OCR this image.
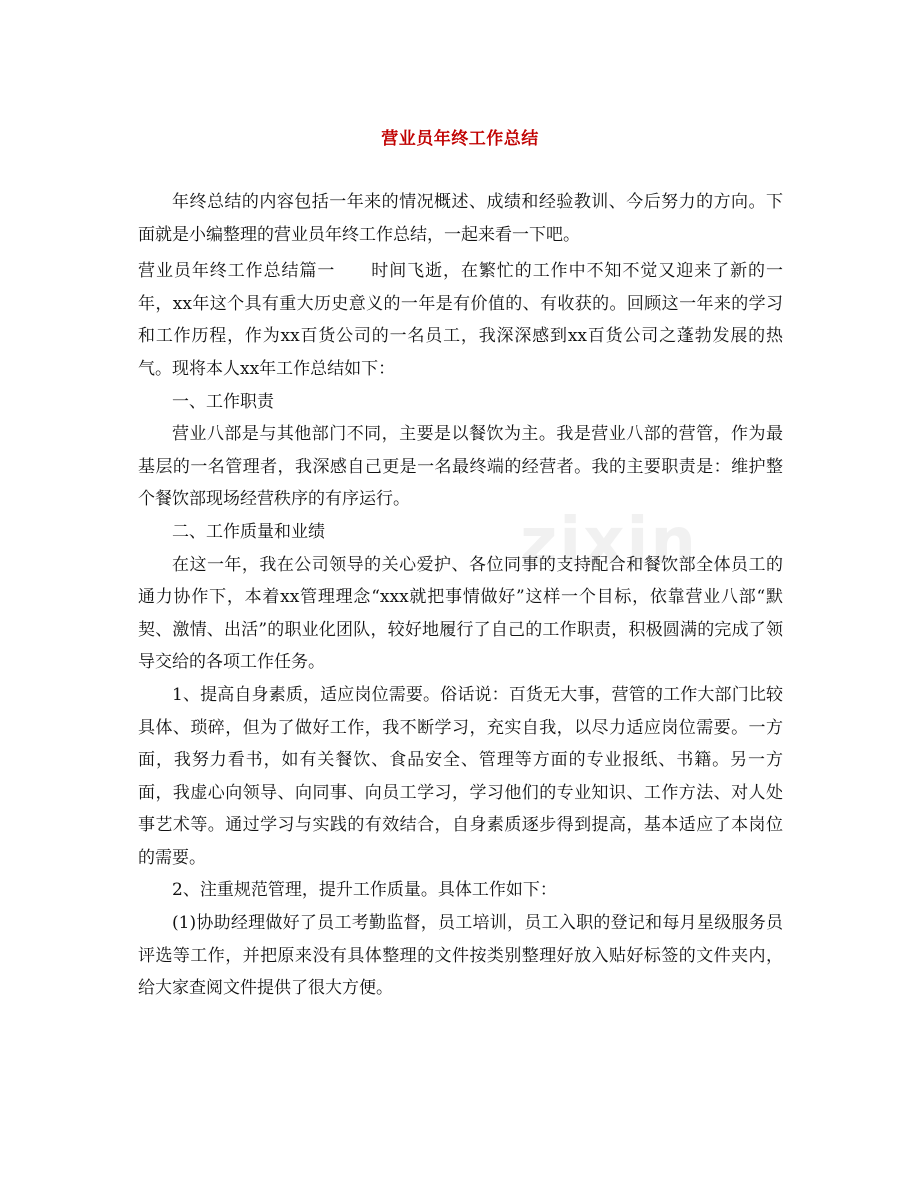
营业员年终工作总结
zixin

年终总结的内容包括一年来的情况概述、成绩和经验教训、今后努力的方向。下面就是小编整理的营业员年终工作总结，一起来看一下吧。

营业员年终工作总结篇一　　时间飞逝，在繁忙的工作中不知不觉又迎来了新的一年，xx年这个具有重大历史意义的一年是有价值的、有收获的。回顾这一年来的学习和工作历程，作为xx百货公司的一名员工，我深深感到xx百货公司之蓬勃发展的热气。现将本人xx年工作总结如下：

一、工作职责

营业八部是与其他部门不同，主要是以餐饮为主。我是营业八部的营管，作为最基层的一名管理者，我深感自己更是一名最终端的经营者。我的主要职责是：维护整个餐饮部现场经营秩序的有序运行。

二、工作质量和业绩

在这一年，我在公司领导的关心爱护、各位同事的支持配合和餐饮部全体员工的通力协作下，本着xx管理理念“xxx就把事情做好”这样一个目标，依靠营业八部“默契、激情、出活”的职业化团队，较好地履行了自己的工作职责，积极圆满的完成了领导交给的各项工作任务。

1、提高自身素质，适应岗位需要。俗话说：百货无大事，营管的工作大部门比较具体、琐碎，但为了做好工作，我不断学习，充实自我，以尽力适应岗位需要。一方面，我努力看书，如有关餐饮、食品安全、管理等方面的专业报纸、书籍。另一方面，我虚心向领导、向同事、向员工学习，学习他们的专业知识、工作方法、对人处事艺术等。通过学习与实践的有效结合，自身素质逐步得到提高，基本适应了本岗位的需要。

2、注重规范管理，提升工作质量。具体工作如下：

(1)协助经理做好了员工考勤监督，员工培训，员工入职的登记和每月星级服务员评选等工作，并把原来没有具体整理的文件按类别整理好放入贴好标签的文件夹内，给大家查阅文件提供了很大方便。
